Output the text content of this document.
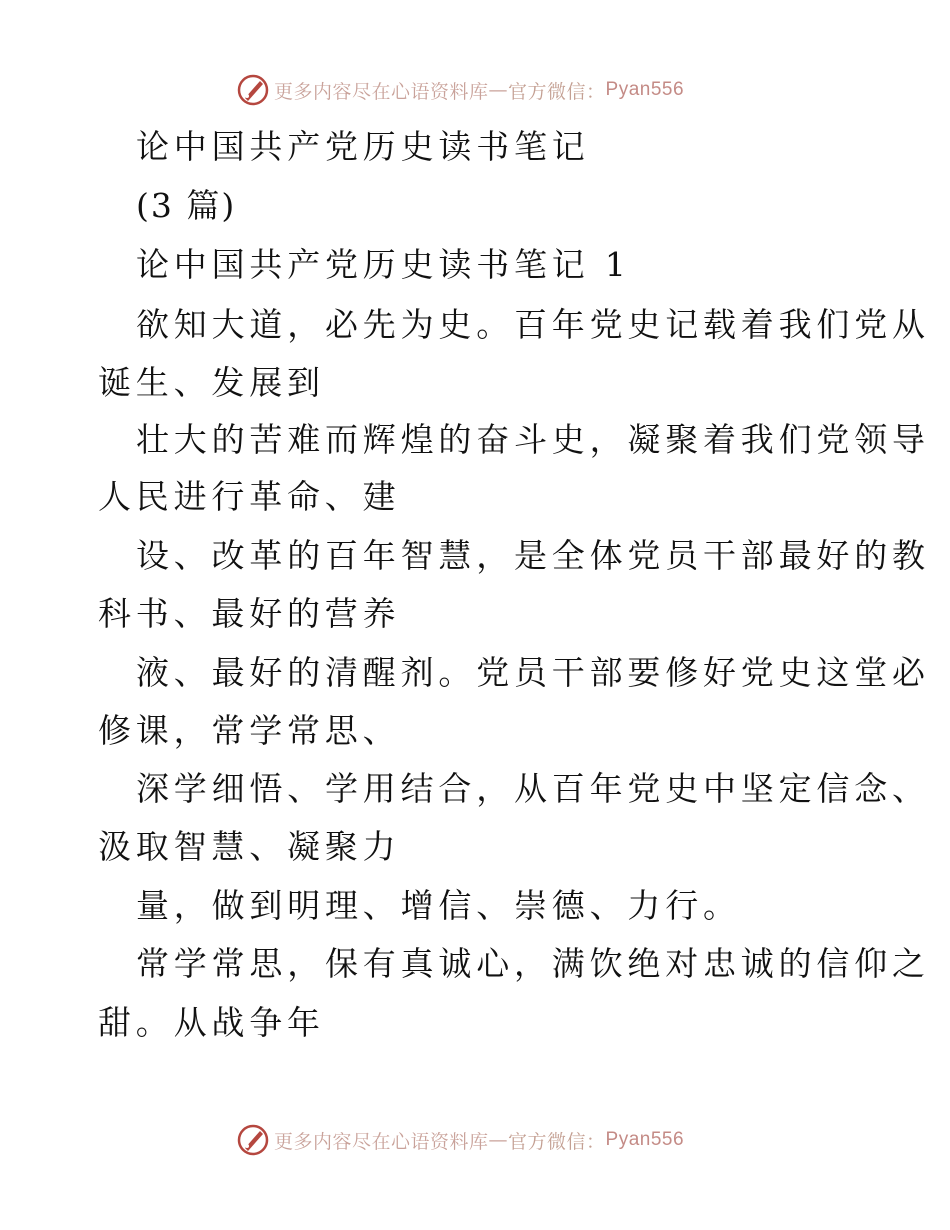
更多内容尽在心语资料库 — 官方微信： Pyan556
论中国共产党历史读书笔记
(3 篇)
论中国共产党历史读书笔记 1
欲知大道，必先为史。百年党史记载着我们党从
诞生、发展到
壮大的苦难而辉煌的奋斗史，凝聚着我们党领导
人民进行革命、建
设、改革的百年智慧，是全体党员干部最好的教
科书、最好的营养
液、最好的清醒剂。党员干部要修好党史这堂必
修课，常学常思、
深学细悟、学用结合，从百年党史中坚定信念、
汲取智慧、凝聚力
量，做到明理、增信、崇德、力行。
常学常思，保有真诚心，满饮绝对忠诚的信仰之
甜。从战争年
更多内容尽在心语资料库 — 官方微信： Pyan556
